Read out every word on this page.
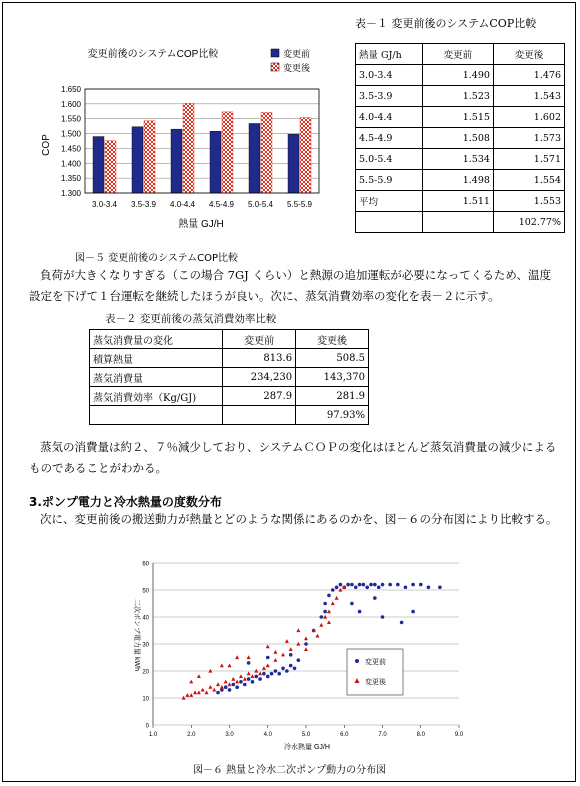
表－１ 変更前後のシステムCOP比較
変更前後のシステムCOP比較	変更前
変更後
COP
1.650
1.600
1.550
1.500
1.450
1.400
1.350
1.300
3.0-3.4 3.5-3.9 4.0-4.4 4.5-4.9 5.0-5.4 5.5-5.9
熱量 GJ/H
熱量 GJ/h	変更前	変更後
3.0-3.4	1.490	1.476
3.5-3.9	1.523	1.543
4.0-4.4	1.515	1.602
4.5-4.9	1.508	1.573
5.0-5.4	1.534	1.571
5.5-5.9	1.498	1.554
平均	1.511	1.553
		102.77%
図－５ 変更前後のシステムCOP比較
負荷が大きくなりすぎる（この場合 7GJ くらい）と熱源の追加運転が必要になってくるため、温度設定を下げて１台運転を継続したほうが良い。次に、蒸気消費効率の変化を表－２に示す。
表－２ 変更前後の蒸気消費効率比較
蒸気消費量の変化	変更前	変更後
積算熱量	813.6	508.5
蒸気消費量	234,230	143,370
蒸気消費効率（Kg/GJ)	287.9	281.9
		97.93%
蒸気の消費量は約２、７％減少しており、システムＣＯＰの変化はほとんど蒸気消費量の減少によるものであることがわかる。
3.ポンプ電力と冷水熱量の度数分布
次に、変更前後の搬送動力が熱量とどのような関係にあるのかを、図－６の分布図により比較する。
二次ポンプ電力量 kWh
60
50
40
30
20
10
0
1.0	2.0	3.0	4.0	5.0	6.0	7.0	8.0	9.0
変更前
変更後
冷水熱量 GJ/H
図－６ 熱量と冷水二次ポンプ動力の分布図
